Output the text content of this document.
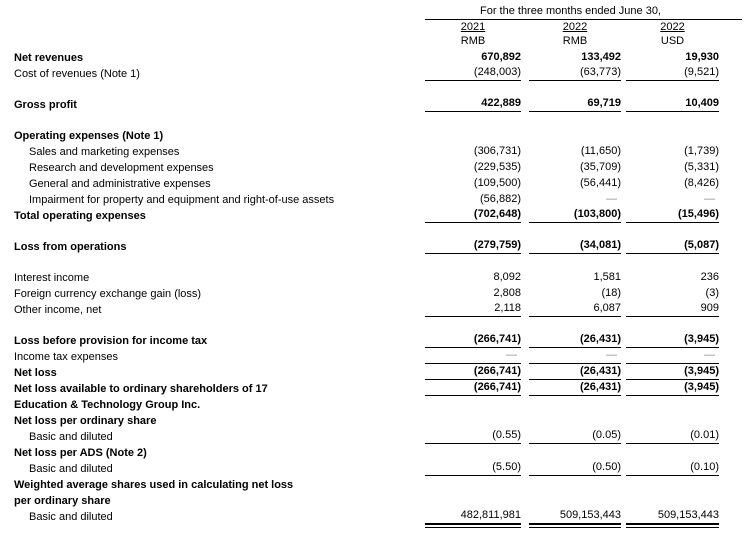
For the three months ended June 30,
2021	2022	2022
RMB	RMB	USD
Net revenues	670,892	133,492	19,930
Cost of revenues (Note 1)	(248,003)	(63,773)	(9,521)
Gross profit	422,889	69,719	10,409
Operating expenses (Note 1)
Sales and marketing expenses	(306,731)	(11,650)	(1,739)
Research and development expenses	(229,535)	(35,709)	(5,331)
General and administrative expenses	(109,500)	(56,441)	(8,426)
Impairment for property and equipment and right-of-use assets	(56,882)	—	—
Total operating expenses	(702,648)	(103,800)	(15,496)
Loss from operations	(279,759)	(34,081)	(5,087)
Interest income	8,092	1,581	236
Foreign currency exchange gain (loss)	2,808	(18)	(3)
Other income, net	2,118	6,087	909
Loss before provision for income tax	(266,741)	(26,431)	(3,945)
Income tax expenses	—	—	—
Net loss	(266,741)	(26,431)	(3,945)
Net loss available to ordinary shareholders of 17	(266,741)	(26,431)	(3,945)
Education & Technology Group Inc.
Net loss per ordinary share
Basic and diluted	(0.55)	(0.05)	(0.01)
Net loss per ADS (Note 2)
Basic and diluted	(5.50)	(0.50)	(0.10)
Weighted average shares used in calculating net loss
per ordinary share
Basic and diluted	482,811,981	509,153,443	509,153,443
